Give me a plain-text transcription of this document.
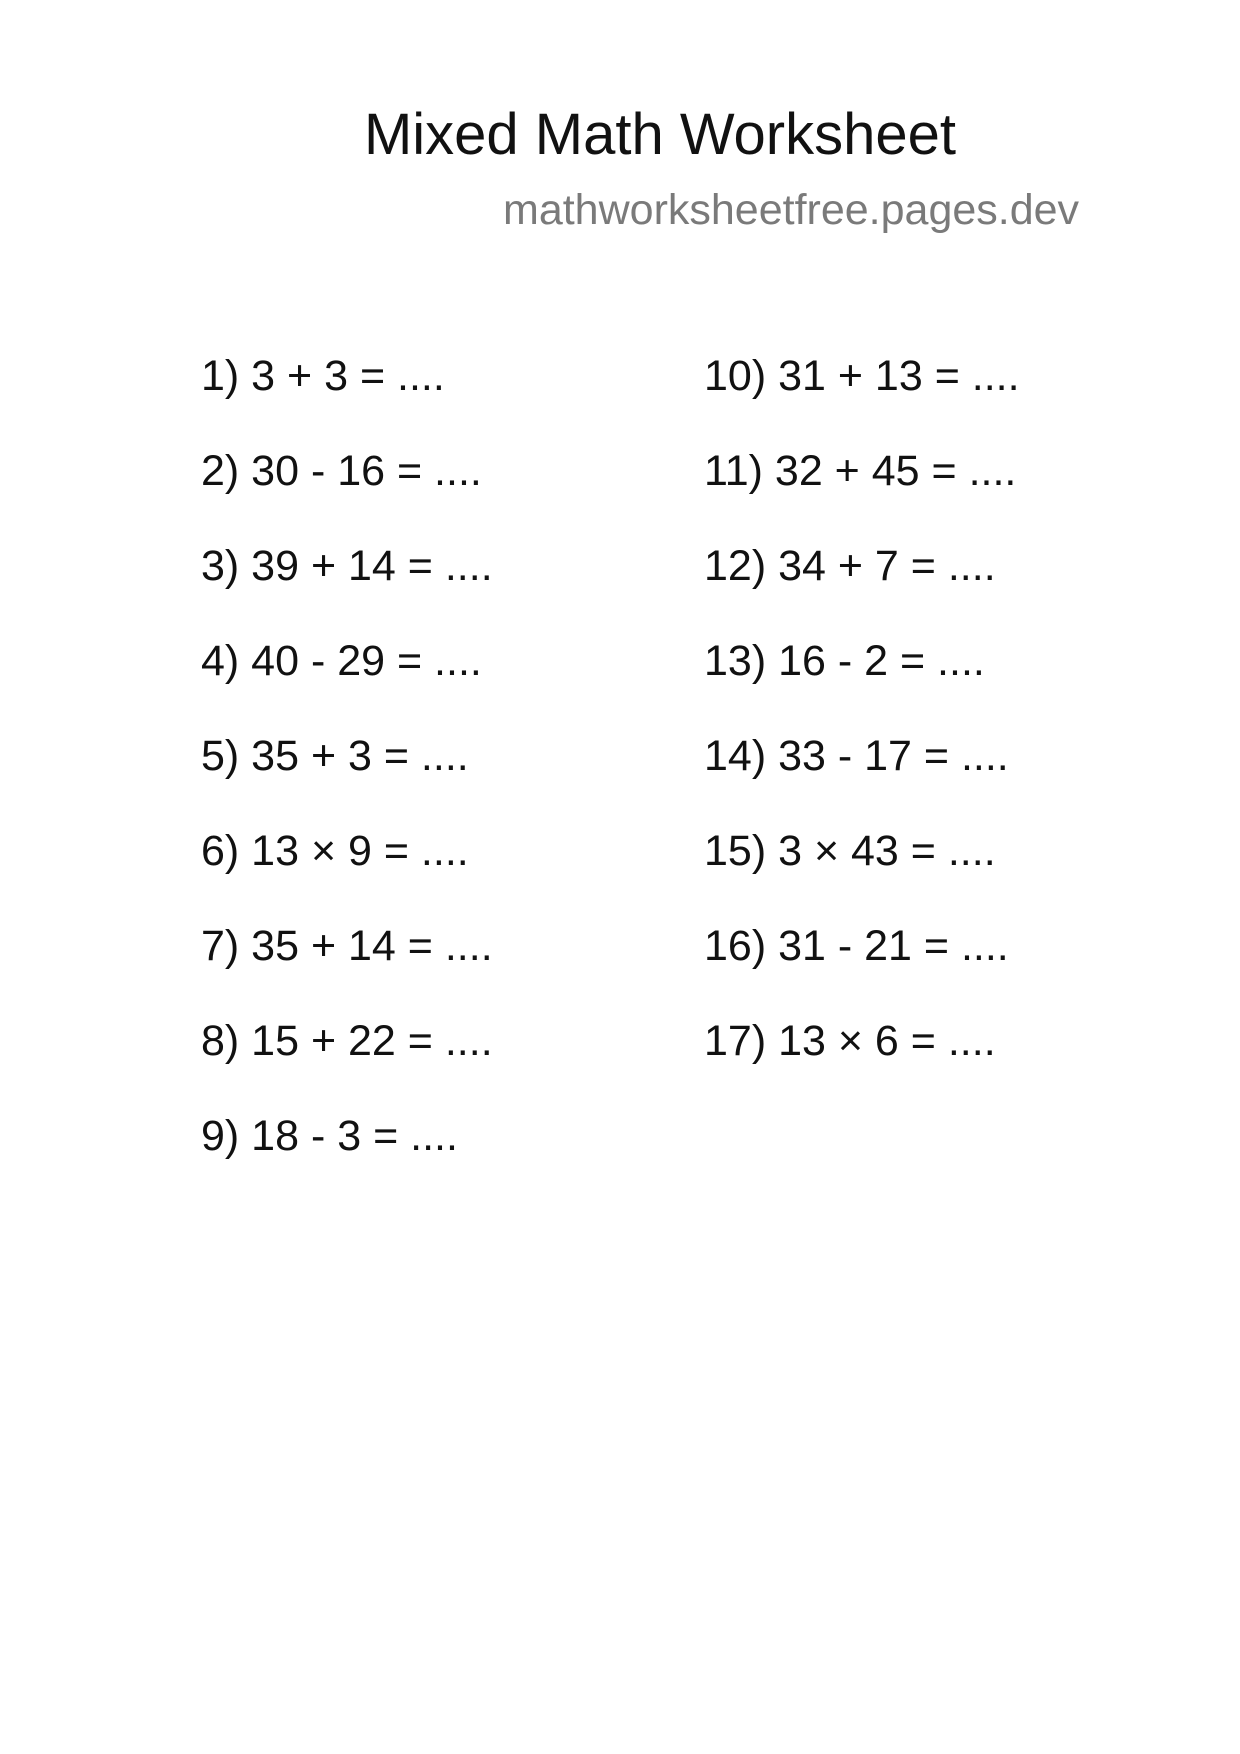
Mixed Math Worksheet
mathworksheetfree.pages.dev
1) 3 + 3 = ....
2) 30 - 16 = ....
3) 39 + 14 = ....
4) 40 - 29 = ....
5) 35 + 3 = ....
6) 13 × 9 = ....
7) 35 + 14 = ....
8) 15 + 22 = ....
9) 18 - 3 = ....
10) 31 + 13 = ....
11) 32 + 45 = ....
12) 34 + 7 = ....
13) 16 - 2 = ....
14) 33 - 17 = ....
15) 3 × 43 = ....
16) 31 - 21 = ....
17) 13 × 6 = ....
